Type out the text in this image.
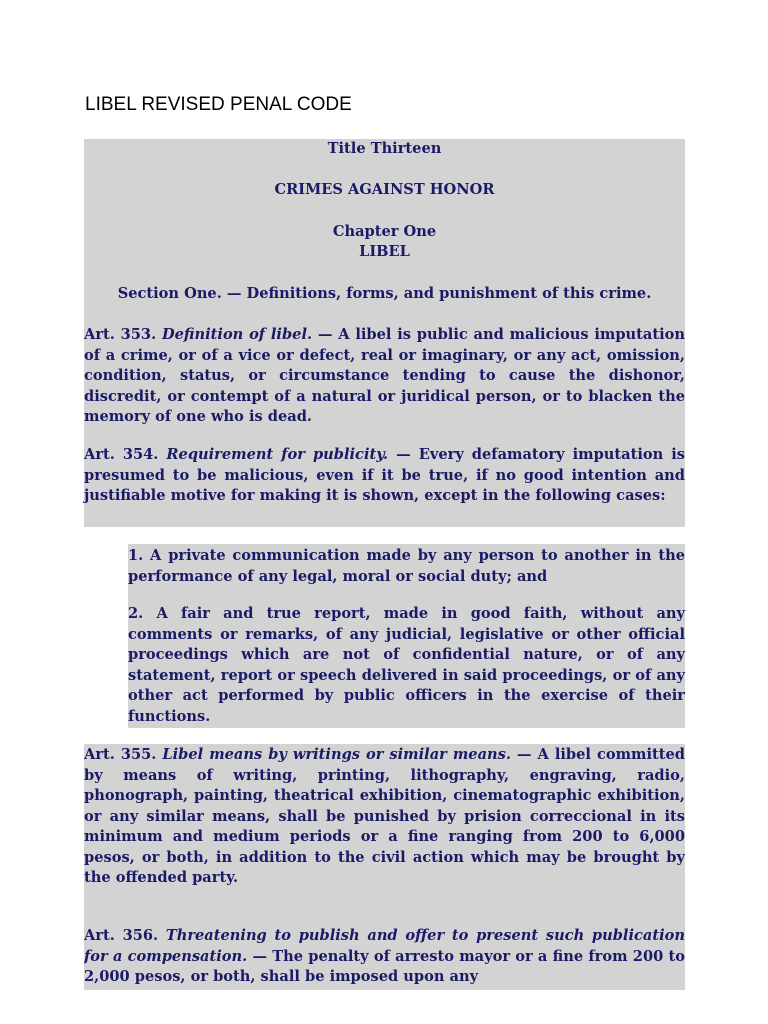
LIBEL REVISED PENAL CODE

Title Thirteen

CRIMES AGAINST HONOR

Chapter One

LIBEL

Section One. — Definitions, forms, and punishment of this crime.

Art. 353. Definition of libel. — A libel is public and malicious imputation of a crime, or of a vice or defect, real or imaginary, or any act, omission, condition, status, or circumstance tending to cause the dishonor, discredit, or contempt of a natural or juridical person, or to blacken the memory of one who is dead.

Art. 354. Requirement for publicity. — Every defamatory imputation is presumed to be malicious, even if it be true, if no good intention and justifiable motive for making it is shown, except in the following cases:

1. A private communication made by any person to another in the performance of any legal, moral or social duty; and

2. A fair and true report, made in good faith, without any comments or remarks, of any judicial, legislative or other official proceedings which are not of confidential nature, or of any statement, report or speech delivered in said proceedings, or of any other act performed by public officers in the exercise of their functions.

Art. 355. Libel means by writings or similar means. — A libel committed by means of writing, printing, lithography, engraving, radio, phonograph, painting, theatrical exhibition, cinematographic exhibition, or any similar means, shall be punished by prision correccional in its minimum and medium periods or a fine ranging from 200 to 6,000 pesos, or both, in addition to the civil action which may be brought by the offended party.

Art. 356. Threatening to publish and offer to present such publication for a compensation. — The penalty of arresto mayor or a fine from 200 to 2,000 pesos, or both, shall be imposed upon any
